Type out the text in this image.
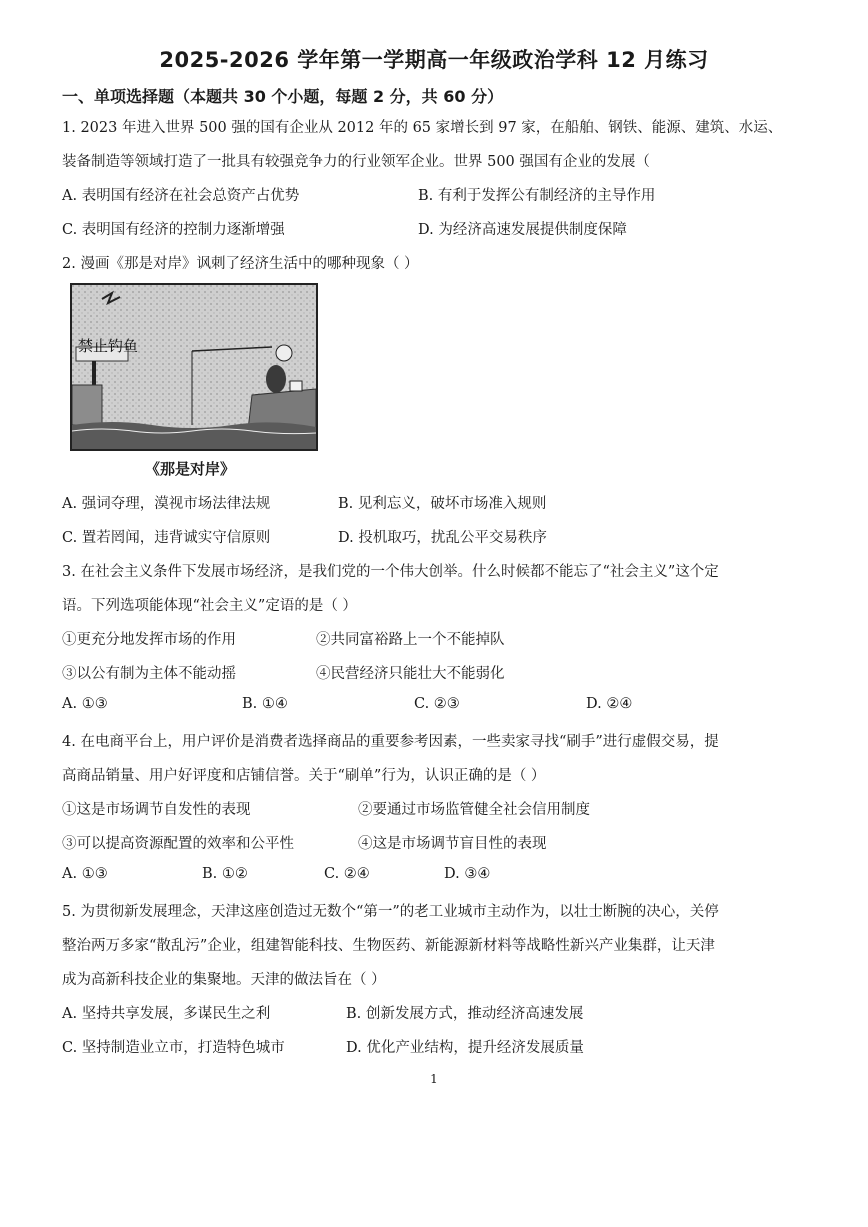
2025-2026 学年第一学期高一年级政治学科 12 月练习
一、单项选择题（本题共 30 个小题，每题 2 分，共 60 分）
1. 2023 年进入世界 500 强的国有企业从 2012 年的 65 家增长到 97 家，在船舶、钢铁、能源、建筑、水运、
装备制造等领域打造了一批具有较强竞争力的行业领军企业。世界 500 强国有企业的发展（
A. 表明国有经济在社会总资产占优势	B. 有利于发挥公有制经济的主导作用
C. 表明国有经济的控制力逐渐增强	D. 为经济高速发展提供制度保障
2. 漫画《那是对岸》讽刺了经济生活中的哪种现象（ ）
禁止钓鱼
《那是对岸》
A. 强词夺理，漠视市场法律法规	B. 见利忘义，破坏市场准入规则
C. 置若罔闻，违背诚实守信原则	D. 投机取巧，扰乱公平交易秩序
3. 在社会主义条件下发展市场经济，是我们党的一个伟大创举。什么时候都不能忘了“社会主义”这个定
语。下列选项能体现“社会主义”定语的是（ ）
①更充分地发挥市场的作用	②共同富裕路上一个不能掉队
③以公有制为主体不能动摇	④民营经济只能壮大不能弱化
A. ①③	B. ①④	C. ②③	D. ②④
4. 在电商平台上，用户评价是消费者选择商品的重要参考因素，一些卖家寻找“刷手”进行虚假交易，提
高商品销量、用户好评度和店铺信誉。关于“刷单”行为，认识正确的是（ ）
①这是市场调节自发性的表现	②要通过市场监管健全社会信用制度
③可以提高资源配置的效率和公平性	④这是市场调节盲目性的表现
A. ①③	B. ①②	C. ②④	D. ③④
5. 为贯彻新发展理念，天津这座创造过无数个“第一”的老工业城市主动作为，以壮士断腕的决心，关停
整治两万多家“散乱污”企业，组建智能科技、生物医药、新能源新材料等战略性新兴产业集群，让天津
成为高新科技企业的集聚地。天津的做法旨在（ ）
A. 坚持共享发展，多谋民生之利	B. 创新发展方式，推动经济高速发展
C. 坚持制造业立市，打造特色城市	D. 优化产业结构，提升经济发展质量
1
